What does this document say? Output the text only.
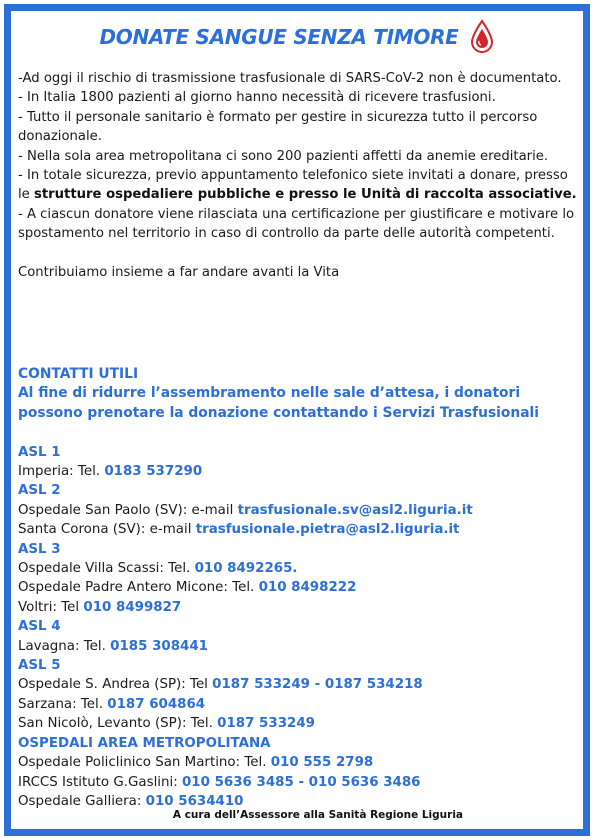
DONATE SANGUE SENZA TIMORE

-Ad oggi il rischio di trasmissione trasfusionale di SARS-CoV-2 non è documentato.

- In Italia 1800 pazienti al giorno hanno necessità di ricevere trasfusioni.

- Tutto il personale sanitario è formato per gestire in sicurezza tutto il percorso donazionale.

- Nella sola area metropolitana ci sono 200 pazienti affetti da anemie ereditarie.

- In totale sicurezza, previo appuntamento telefonico siete invitati a donare, presso le strutture ospedaliere pubbliche e presso le Unità di raccolta associative.

- A ciascun donatore viene rilasciata una certificazione per giustificare e motivare lo spostamento nel territorio in caso di controllo da parte delle autorità competenti.

Contribuiamo insieme a far andare avanti la Vita

CONTATTI UTILI
Al fine di ridurre l’assembramento nelle sale d’attesa, i donatori possono prenotare la donazione contattando i Servizi Trasfusionali
ASL 1
Imperia: Tel. 0183 537290
ASL 2
Ospedale San Paolo (SV): e-mail trasfusionale.sv@asl2.liguria.it
Santa Corona (SV): e-mail trasfusionale.pietra@asl2.liguria.it
ASL 3
Ospedale Villa Scassi: Tel. 010 8492265.
Ospedale Padre Antero Micone: Tel. 010 8498222
Voltri: Tel 010 8499827
ASL 4
Lavagna: Tel. 0185 308441
ASL 5
Ospedale S. Andrea (SP): Tel 0187 533249 - 0187 534218
Sarzana: Tel. 0187 604864
San Nicolò, Levanto (SP): Tel. 0187 533249
OSPEDALI AREA METROPOLITANA
Ospedale Policlinico San Martino: Tel. 010 555 2798
IRCCS Istituto G.Gaslini: 010 5636 3485 - 010 5636 3486
Ospedale Galliera: 010 5634410
A cura dell’Assessore alla Sanità Regione Liguria
